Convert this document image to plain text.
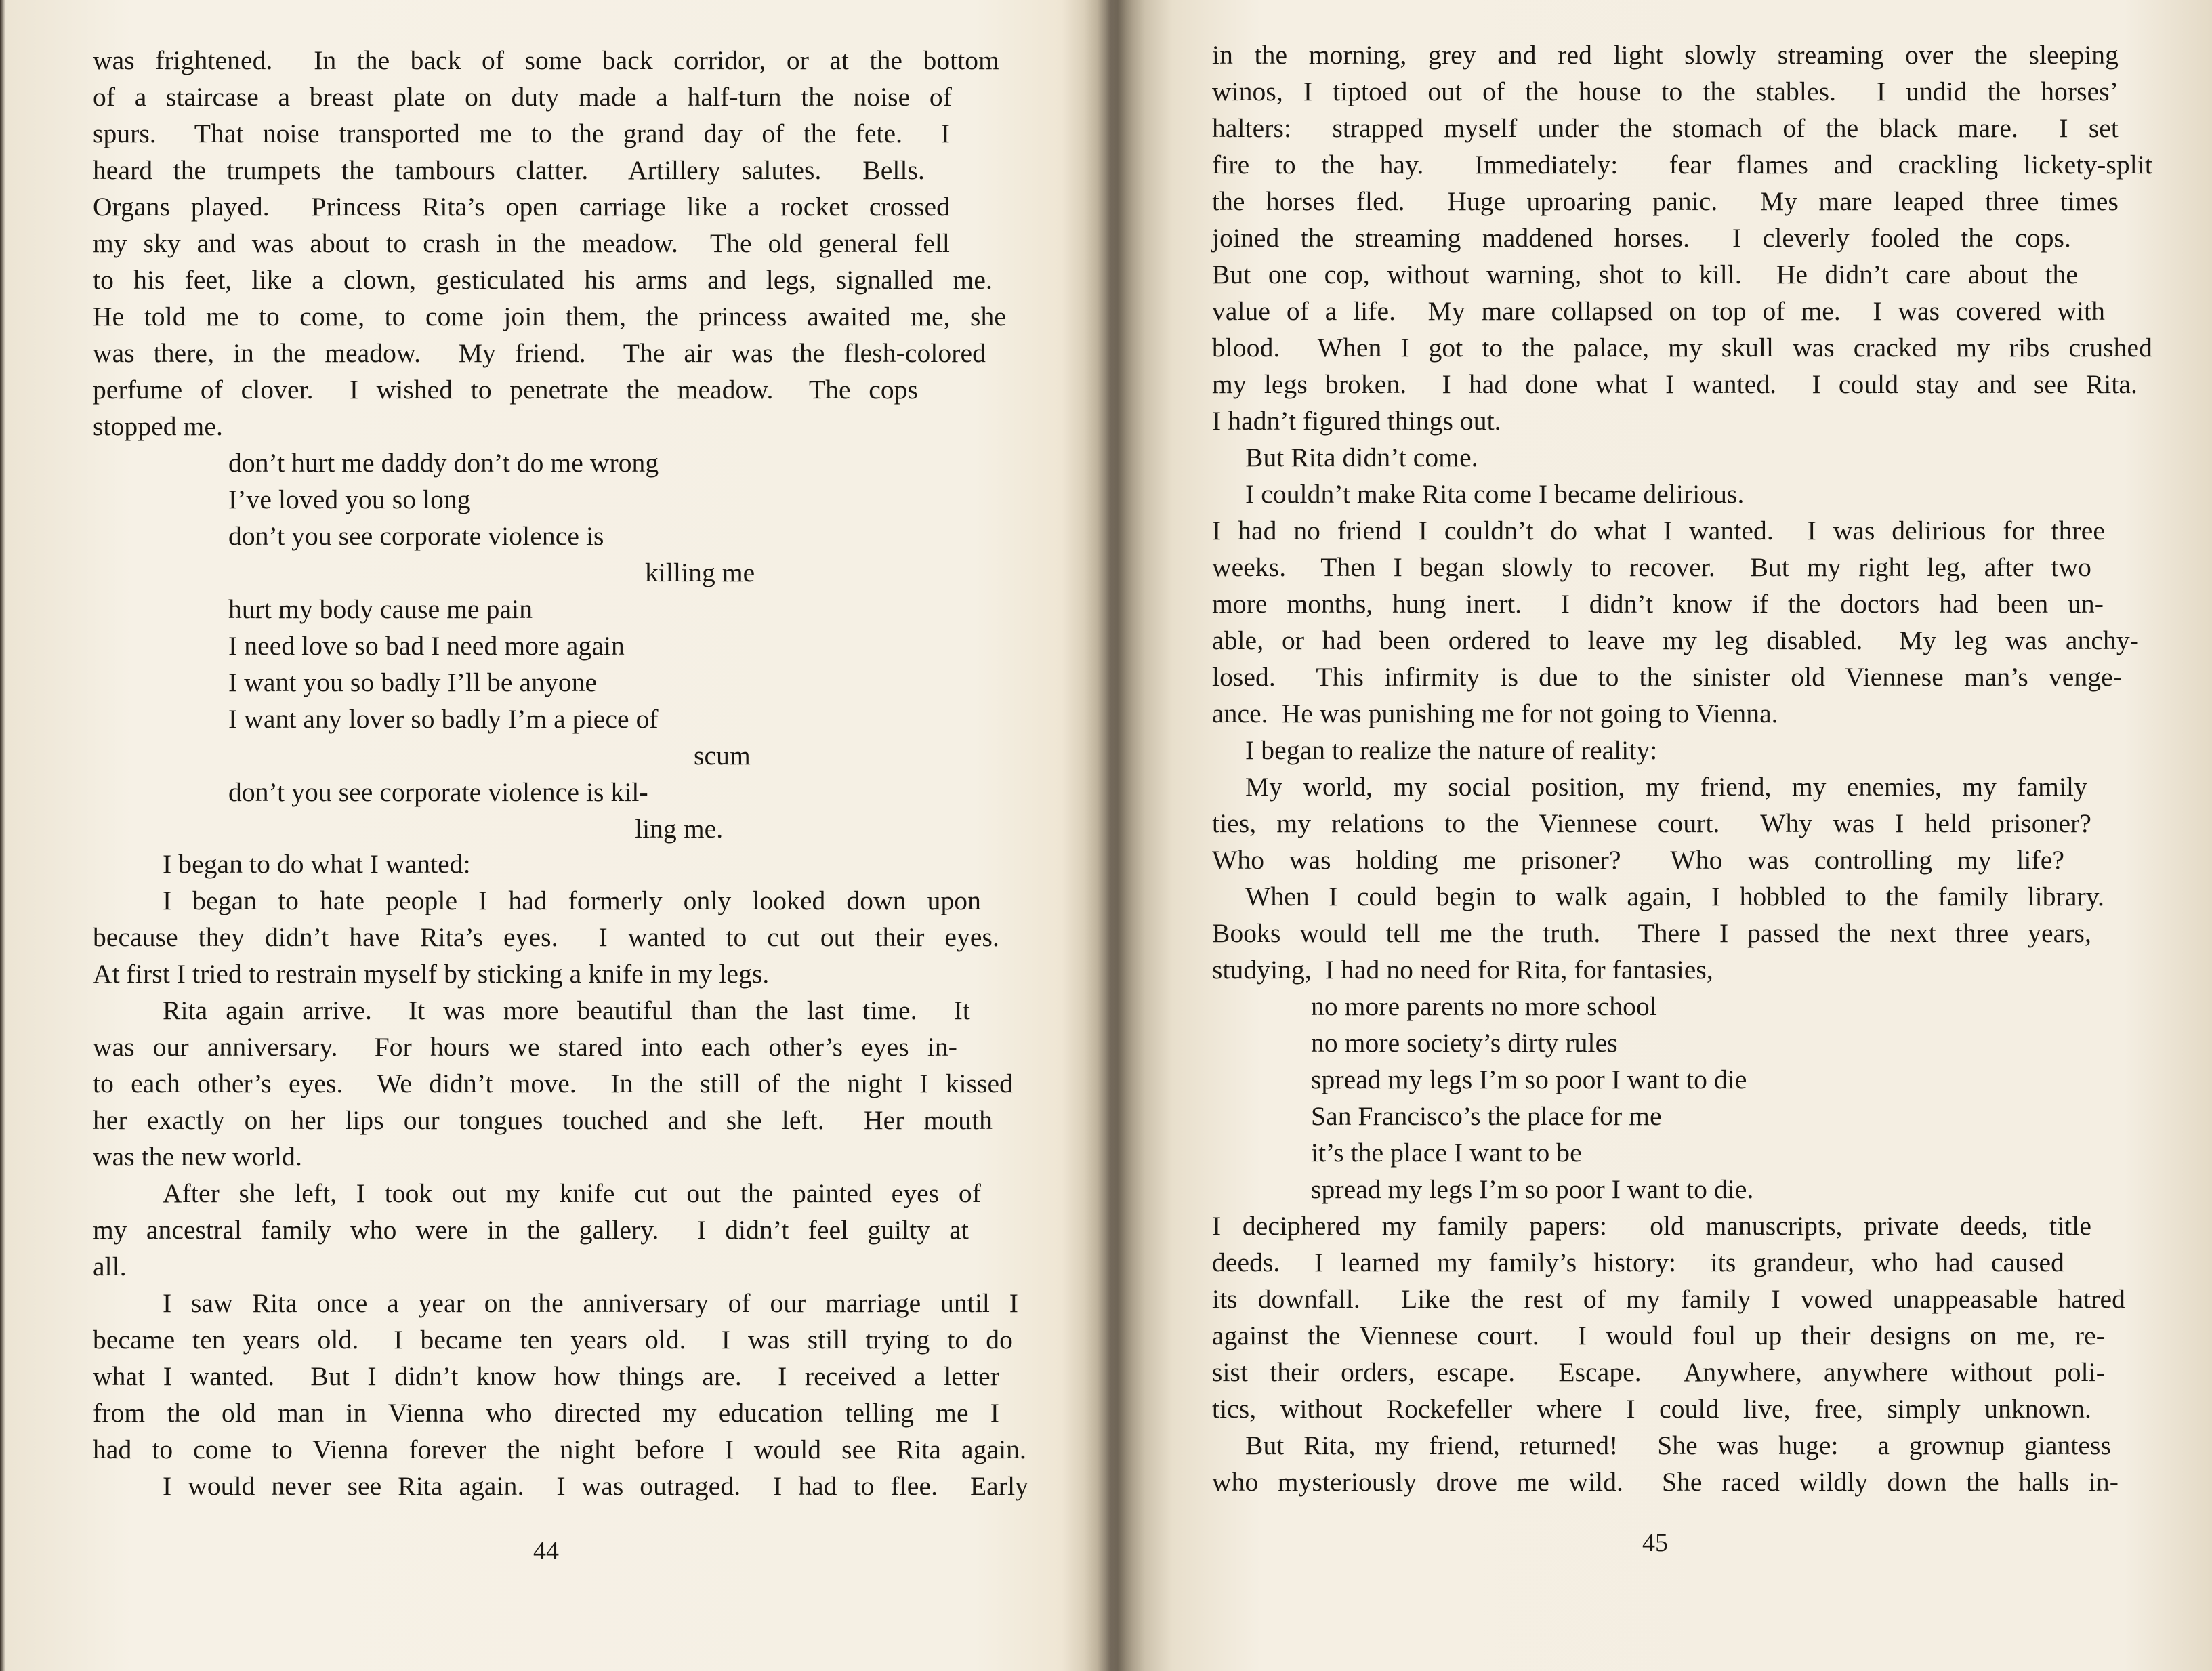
was frightened.  In the back of some back corridor, or at the bottom
of a staircase a breast plate on duty made a half-turn the noise of
spurs.  That noise transported me to the grand day of the fete.  I
heard the trumpets the tambours clatter.  Artillery salutes.  Bells.
Organs played.  Princess Rita’s open carriage like a rocket crossed
my sky and was about to crash in the meadow.  The old general fell
to his feet, like a clown, gesticulated his arms and legs, signalled me.
He told me to come, to come join them, the princess awaited me, she
was there, in the meadow.  My friend.  The air was the flesh-colored
perfume of clover.  I wished to penetrate the meadow.  The cops
stopped me.
don’t hurt me daddy don’t do me wrong
I’ve loved you so long
don’t you see corporate violence is
killing me
hurt my body cause me pain
I need love so bad I need more again
I want you so badly I’ll be anyone
I want any lover so badly I’m a piece of
scum
don’t you see corporate violence is kil-
ling me.
I began to do what I wanted:
I began to hate people I had formerly only looked down upon
because they didn’t have Rita’s eyes.  I wanted to cut out their eyes.
At first I tried to restrain myself by sticking a knife in my legs.
Rita again arrive.  It was more beautiful than the last time.  It
was our anniversary.  For hours we stared into each other’s eyes in-
to each other’s eyes.  We didn’t move.  In the still of the night I kissed
her exactly on her lips our tongues touched and she left.  Her mouth
was the new world.
After she left, I took out my knife cut out the painted eyes of
my ancestral family who were in the gallery.  I didn’t feel guilty at
all.
I saw Rita once a year on the anniversary of our marriage until I
became ten years old.  I became ten years old.  I was still trying to do
what I wanted.  But I didn’t know how things are.  I received a letter
from the old man in Vienna who directed my education telling me I
had to come to Vienna forever the night before I would see Rita again.
I would never see Rita again.  I was outraged.  I had to flee.  Early
44
in the morning, grey and red light slowly streaming over the sleeping
winos, I tiptoed out of the house to the stables.  I undid the horses’
halters:  strapped myself under the stomach of the black mare.  I set
fire to the hay.  Immediately:  fear flames and crackling lickety-split
the horses fled.  Huge uproaring panic.  My mare leaped three times
joined the streaming maddened horses.  I cleverly fooled the cops.
But one cop, without warning, shot to kill.  He didn’t care about the
value of a life.  My mare collapsed on top of me.  I was covered with
blood.  When I got to the palace, my skull was cracked my ribs crushed
my legs broken.  I had done what I wanted.  I could stay and see Rita.
I hadn’t figured things out.
But Rita didn’t come.
I couldn’t make Rita come I became delirious.
I had no friend I couldn’t do what I wanted.  I was delirious for three
weeks.  Then I began slowly to recover.  But my right leg, after two
more months, hung inert.  I didn’t know if the doctors had been un-
able, or had been ordered to leave my leg disabled.  My leg was anchy-
losed.  This infirmity is due to the sinister old Viennese man’s venge-
ance.  He was punishing me for not going to Vienna.
I began to realize the nature of reality:
My world, my social position, my friend, my enemies, my family
ties, my relations to the Viennese court.  Why was I held prisoner?
Who was holding me prisoner?  Who was controlling my life?
When I could begin to walk again, I hobbled to the family library.
Books would tell me the truth.  There I passed the next three years,
studying,  I had no need for Rita, for fantasies,
no more parents no more school
no more society’s dirty rules
spread my legs I’m so poor I want to die
San Francisco’s the place for me
it’s the place I want to be
spread my legs I’m so poor I want to die.
I deciphered my family papers:  old manuscripts, private deeds, title
deeds.  I learned my family’s history:  its grandeur, who had caused
its downfall.  Like the rest of my family I vowed unappeasable hatred
against the Viennese court.  I would foul up their designs on me, re-
sist their orders, escape.  Escape.  Anywhere, anywhere without poli-
tics, without Rockefeller where I could live, free, simply unknown.
But Rita, my friend, returned!  She was huge:  a grownup giantess
who mysteriously drove me wild.  She raced wildly down the halls in-
45
